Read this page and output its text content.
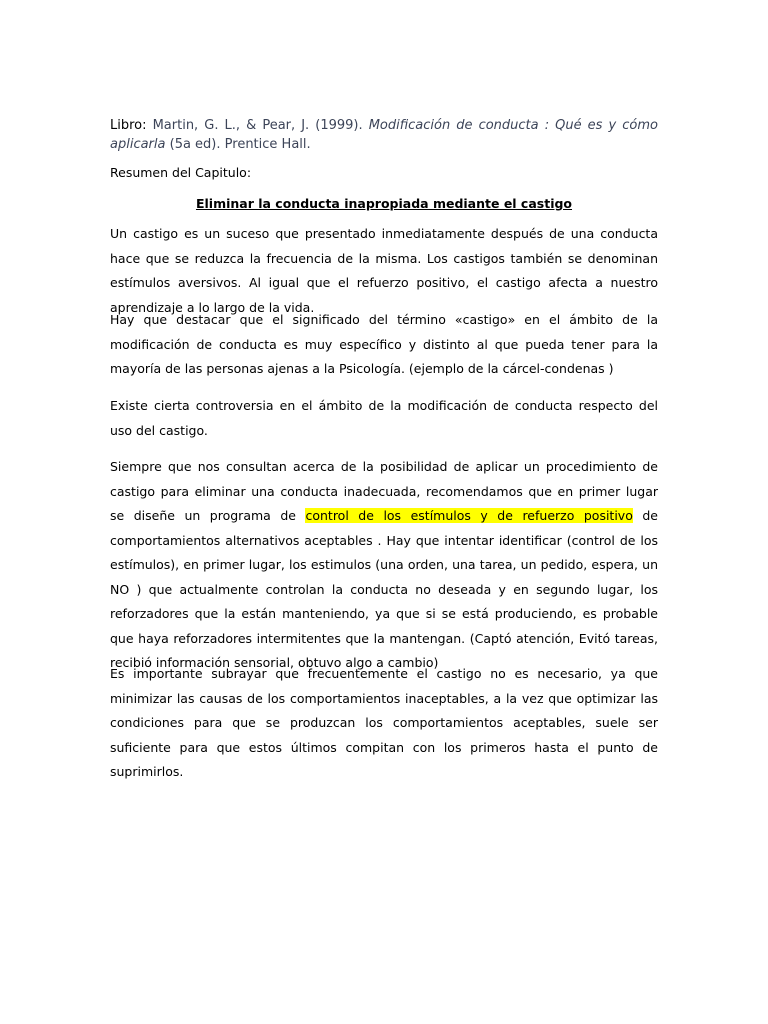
Libro: Martin, G. L., & Pear, J. (1999). Modificación de conducta : Qué es y cómo aplicarla (5a ed). Prentice Hall.
Resumen del Capitulo:
Eliminar la conducta inapropiada mediante el castigo

Un castigo es un suceso que presentado inmediatamente después de una conducta hace que se reduzca la frecuencia de la misma. Los castigos también se denominan estímulos aversivos. Al igual que el refuerzo positivo, el castigo afecta a nuestro aprendizaje a lo largo de la vida.

Hay que destacar que el significado del término «castigo» en el ámbito de la modificación de conducta es muy específico y distinto al que pueda tener para la mayoría de las personas ajenas a la Psicología. (ejemplo de la cárcel-condenas )

Existe cierta controversia en el ámbito de la modificación de conducta respecto del uso del castigo.

Siempre que nos consultan acerca de la posibilidad de aplicar un procedimiento de castigo para eliminar una conducta inadecuada, recomendamos que en primer lugar se diseñe un programa de control de los estímulos y de refuerzo positivo de comportamientos alternativos aceptables . Hay que intentar identificar (control de los estímulos), en primer lugar, los estimulos (una orden, una tarea, un pedido, espera, un NO ) que actualmente controlan la conducta no deseada y en segundo lugar, los reforzadores que la están manteniendo, ya que si se está produciendo, es probable que haya reforzadores intermitentes que la mantengan. (Captó atención, Evitó tareas, recibió información sensorial, obtuvo algo a cambio)

Es importante subrayar que frecuentemente el castigo no es necesario, ya que minimizar las causas de los comportamientos inaceptables, a la vez que optimizar las condiciones para que se produzcan los comportamientos aceptables, suele ser suficiente para que estos últimos compitan con los primeros hasta el punto de suprimirlos.
